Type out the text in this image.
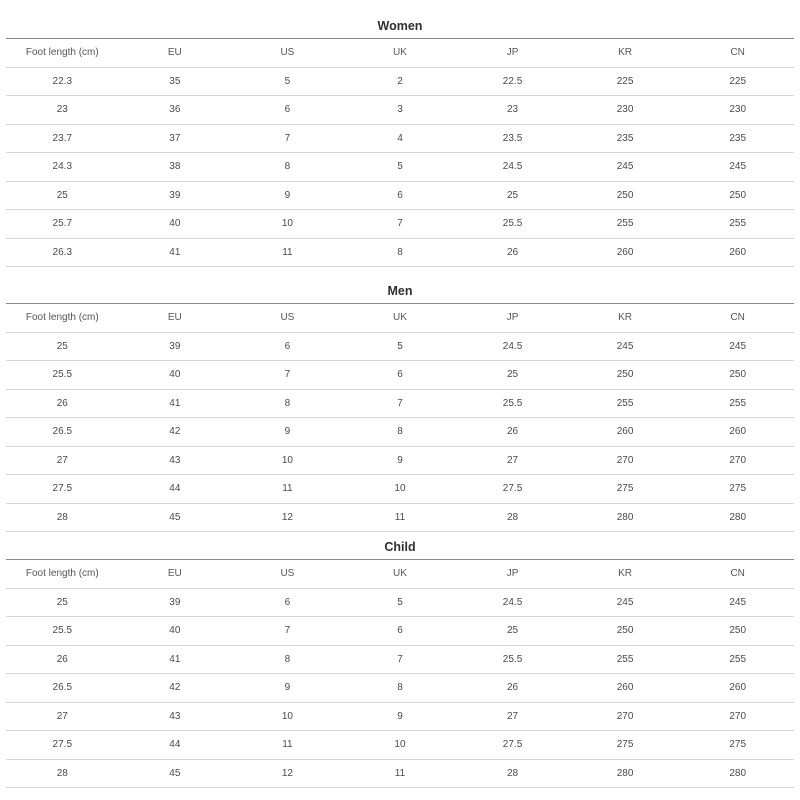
Women
Foot length (cm)	EU	US	UK	JP	KR	CN
22.3	35	5	2	22.5	225	225
23	36	6	3	23	230	230
23.7	37	7	4	23.5	235	235
24.3	38	8	5	24.5	245	245
25	39	9	6	25	250	250
25.7	40	10	7	25.5	255	255
26.3	41	11	8	26	260	260
Men
Foot length (cm)	EU	US	UK	JP	KR	CN
25	39	6	5	24.5	245	245
25.5	40	7	6	25	250	250
26	41	8	7	25.5	255	255
26.5	42	9	8	26	260	260
27	43	10	9	27	270	270
27.5	44	11	10	27.5	275	275
28	45	12	11	28	280	280
Child
Foot length (cm)	EU	US	UK	JP	KR	CN
25	39	6	5	24.5	245	245
25.5	40	7	6	25	250	250
26	41	8	7	25.5	255	255
26.5	42	9	8	26	260	260
27	43	10	9	27	270	270
27.5	44	11	10	27.5	275	275
28	45	12	11	28	280	280
